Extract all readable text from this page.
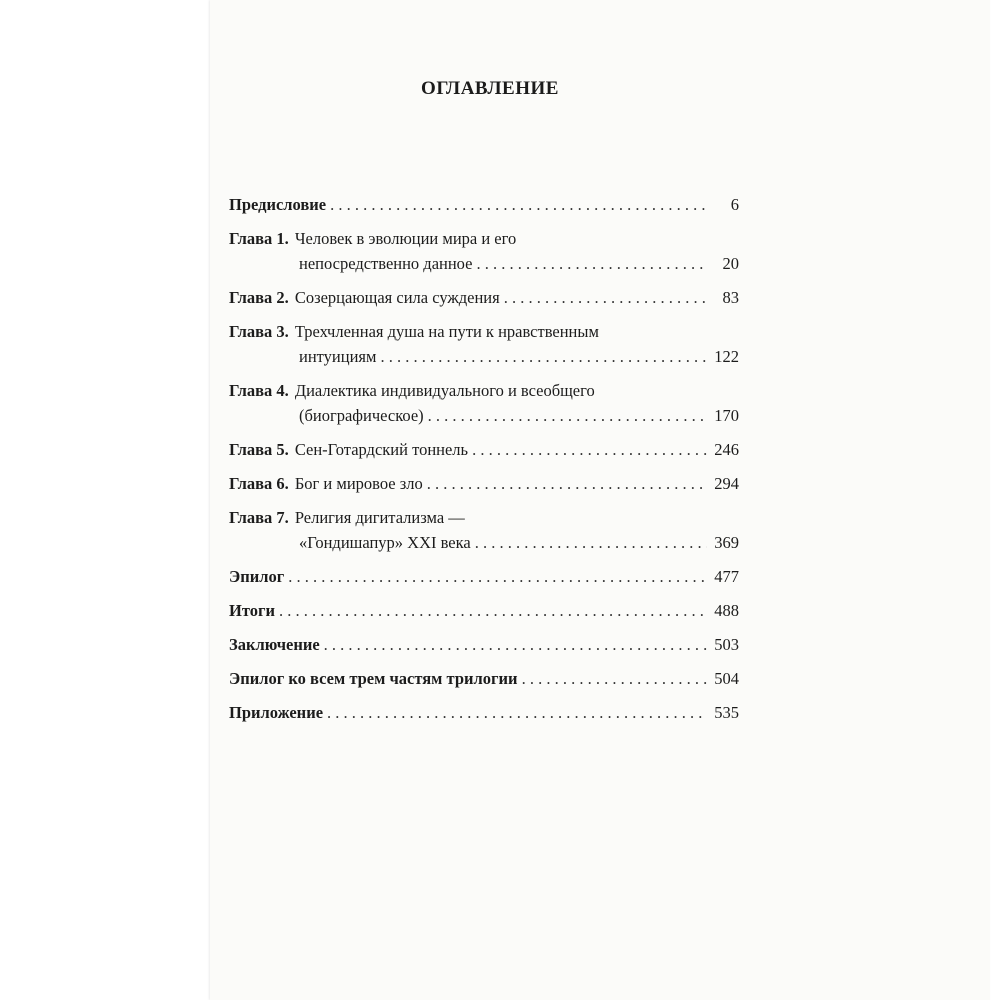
ОГЛАВЛЕНИЕ
Предисловие . . .	6
Глава 1. Человек в эволюции мира и его
непосредственно данное . . .	20
Глава 2. Созерцающая сила суждения . . .	83
Глава 3. Трехчленная душа на пути к нравственным
интуициям . . .	122
Глава 4. Диалектика индивидуального и всеобщего
(биографическое) . . .	170
Глава 5. Сен-Готардский тоннель . . .	246
Глава 6. Бог и мировое зло . . .	294
Глава 7. Религия дигитализма —
«Гондишапур» XXI века . . .	369
Эпилог . . .	477
Итоги . . .	488
Заключение . . .	503
Эпилог ко всем трем частям трилогии . . .	504
Приложение . . .	535
